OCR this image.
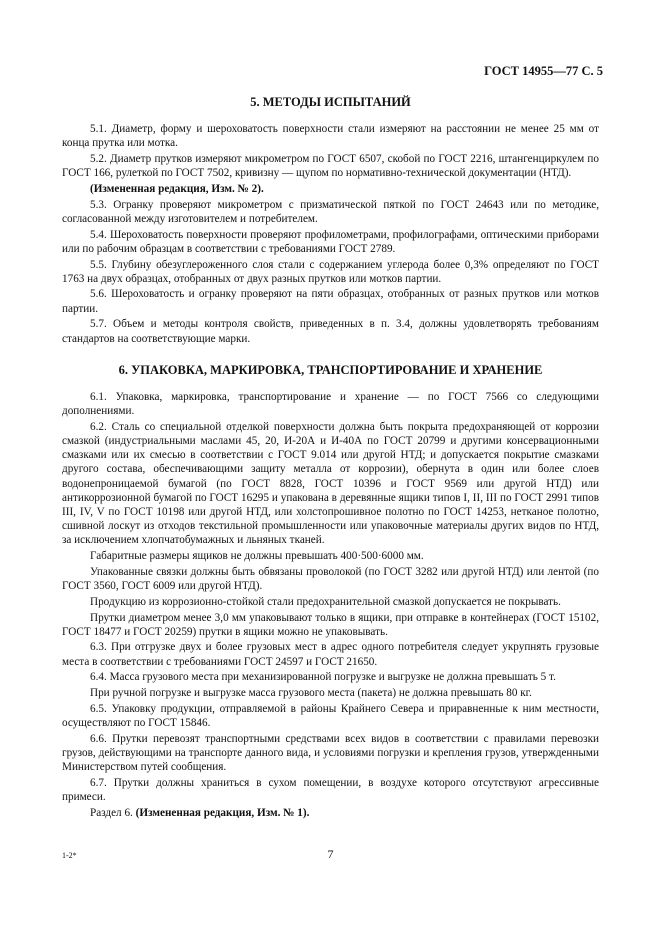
ГОСТ 14955—77 С. 5
5. МЕТОДЫ ИСПЫТАНИЙ

5.1. Диаметр, форму и шероховатость поверхности стали измеряют на расстоянии не менее 25 мм от конца прутка или мотка.

5.2. Диаметр прутков измеряют микрометром по ГОСТ 6507, скобой по ГОСТ 2216, штангенциркулем по ГОСТ 166, рулеткой по ГОСТ 7502, кривизну — щупом по нормативно-технической документации (НТД).

(Измененная редакция, Изм. № 2).

5.3. Огранку проверяют микрометром с призматической пяткой по ГОСТ 24643 или по методике, согласованной между изготовителем и потребителем.

5.4. Шероховатость поверхности проверяют профилометрами, профилографами, оптическими приборами или по рабочим образцам в соответствии с требованиями ГОСТ 2789.

5.5. Глубину обезуглероженного слоя стали с содержанием углерода более 0,3% определяют по ГОСТ 1763 на двух образцах, отобранных от двух разных прутков или мотков партии.

5.6. Шероховатость и огранку проверяют на пяти образцах, отобранных от разных прутков или мотков партии.

5.7. Объем и методы контроля свойств, приведенных в п. 3.4, должны удовлетворять требованиям стандартов на соответствующие марки.

6. УПАКОВКА, МАРКИРОВКА, ТРАНСПОРТИРОВАНИЕ И ХРАНЕНИЕ

6.1. Упаковка, маркировка, транспортирование и хранение — по ГОСТ 7566 со следующими дополнениями.

6.2. Сталь со специальной отделкой поверхности должна быть покрыта предохраняющей от коррозии смазкой (индустриальными маслами 45, 20, И-20А и И-40А по ГОСТ 20799 и другими консервационными смазками или их смесью в соответствии с ГОСТ 9.014 или другой НТД; и допускается покрытие смазками другого состава, обеспечивающими защиту металла от коррозии), обернута в один или более слоев водонепроницаемой бумагой (по ГОСТ 8828, ГОСТ 10396 и ГОСТ 9569 или другой НТД) или антикоррозионной бумагой по ГОСТ 16295 и упакована в деревянные ящики типов I, II, III по ГОСТ 2991 типов III, IV, V по ГОСТ 10198 или другой НТД, или холстопрошивное полотно по ГОСТ 14253, нетканое полотно, сшивной лоскут из отходов текстильной промышленности или упаковочные материалы других видов по НТД, за исключением хлопчатобумажных и льняных тканей.

Габаритные размеры ящиков не должны превышать 400·500·6000 мм.

Упакованные связки должны быть обвязаны проволокой (по ГОСТ 3282 или другой НТД) или лентой (по ГОСТ 3560, ГОСТ 6009 или другой НТД).

Продукцию из коррозионно-стойкой стали предохранительной смазкой допускается не покрывать.

Прутки диаметром менее 3,0 мм упаковывают только в ящики, при отправке в контейнерах (ГОСТ 15102, ГОСТ 18477 и ГОСТ 20259) прутки в ящики можно не упаковывать.

6.3. При отгрузке двух и более грузовых мест в адрес одного потребителя следует укрупнять грузовые места в соответствии с требованиями ГОСТ 24597 и ГОСТ 21650.

6.4. Масса грузового места при механизированной погрузке и выгрузке не должна превышать 5 т.

При ручной погрузке и выгрузке масса грузового места (пакета) не должна превышать 80 кг.

6.5. Упаковку продукции, отправляемой в районы Крайнего Севера и приравненные к ним местности, осуществляют по ГОСТ 15846.

6.6. Прутки перевозят транспортными средствами всех видов в соответствии с правилами перевозки грузов, действующими на транспорте данного вида, и условиями погрузки и крепления грузов, утвержденными Министерством путей сообщения.

6.7. Прутки должны храниться в сухом помещении, в воздухе которого отсутствуют агрессивные примеси.

Раздел 6. (Измененная редакция, Изм. № 1).

1-2*	7
